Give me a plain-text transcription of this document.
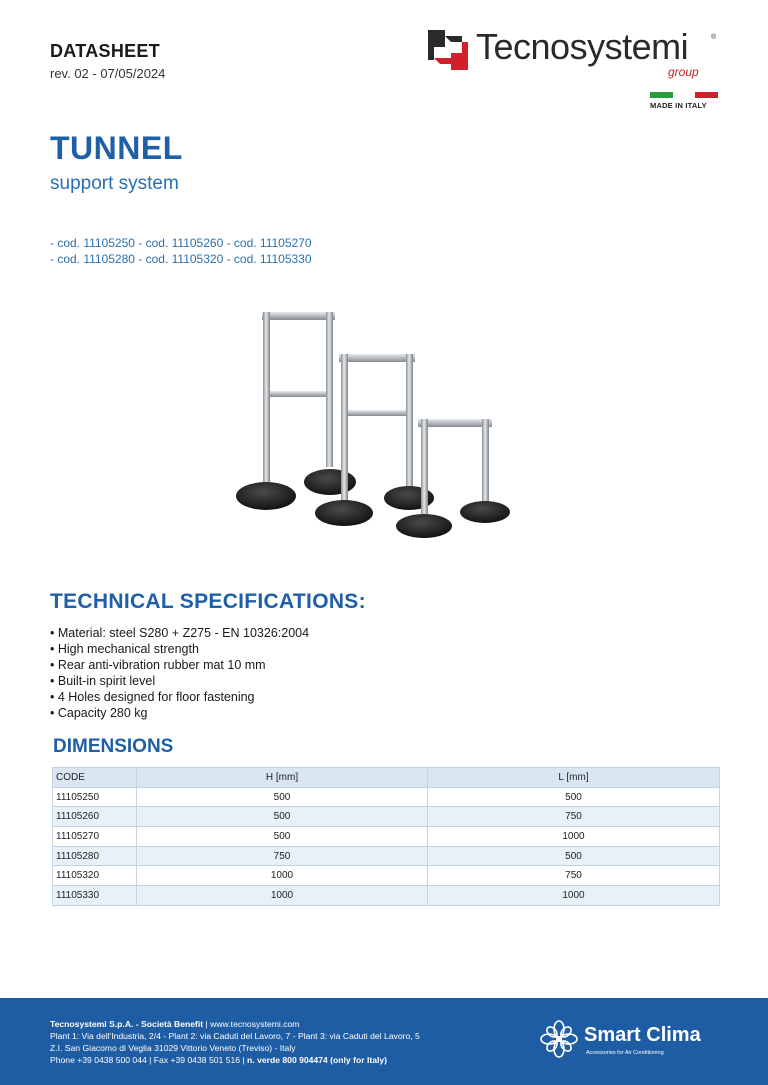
DATASHEET
rev. 02 - 07/05/2024
Tecnosystemi	®
group
MADE IN ITALY
TUNNEL
support system
- cod. 11105250 - cod. 11105260 - cod. 11105270
- cod. 11105280 - cod. 11105320 - cod. 11105330
TECHNICAL SPECIFICATIONS:
• Material: steel S280 + Z275 - EN 10326:2004
• High mechanical strength
• Rear anti-vibration rubber mat 10 mm
• Built-in spirit level
• 4 Holes designed for floor fastening
• Capacity 280 kg
DIMENSIONS
CODE	H [mm]	L [mm]
11105250	500	500
11105260	500	750
11105270	500	1000
11105280	750	500
11105320	1000	750
11105330	1000	1000
Tecnosystemi S.p.A. - Società Benefit | www.tecnosystemi.com
Plant 1: Via dell'Industria, 2/4 - Plant 2: via Caduti del Lavoro, 7 - Plant 3: via Caduti del Lavoro, 5
Z.I. San Giacomo di Veglia 31029 Vittorio Veneto (Treviso) - Italy
Phone +39 0438 500 044 | Fax +39 0438 501 516 | n. verde 800 904474 (only for Italy)
Smart Clima
Accessories for Air Conditioning
